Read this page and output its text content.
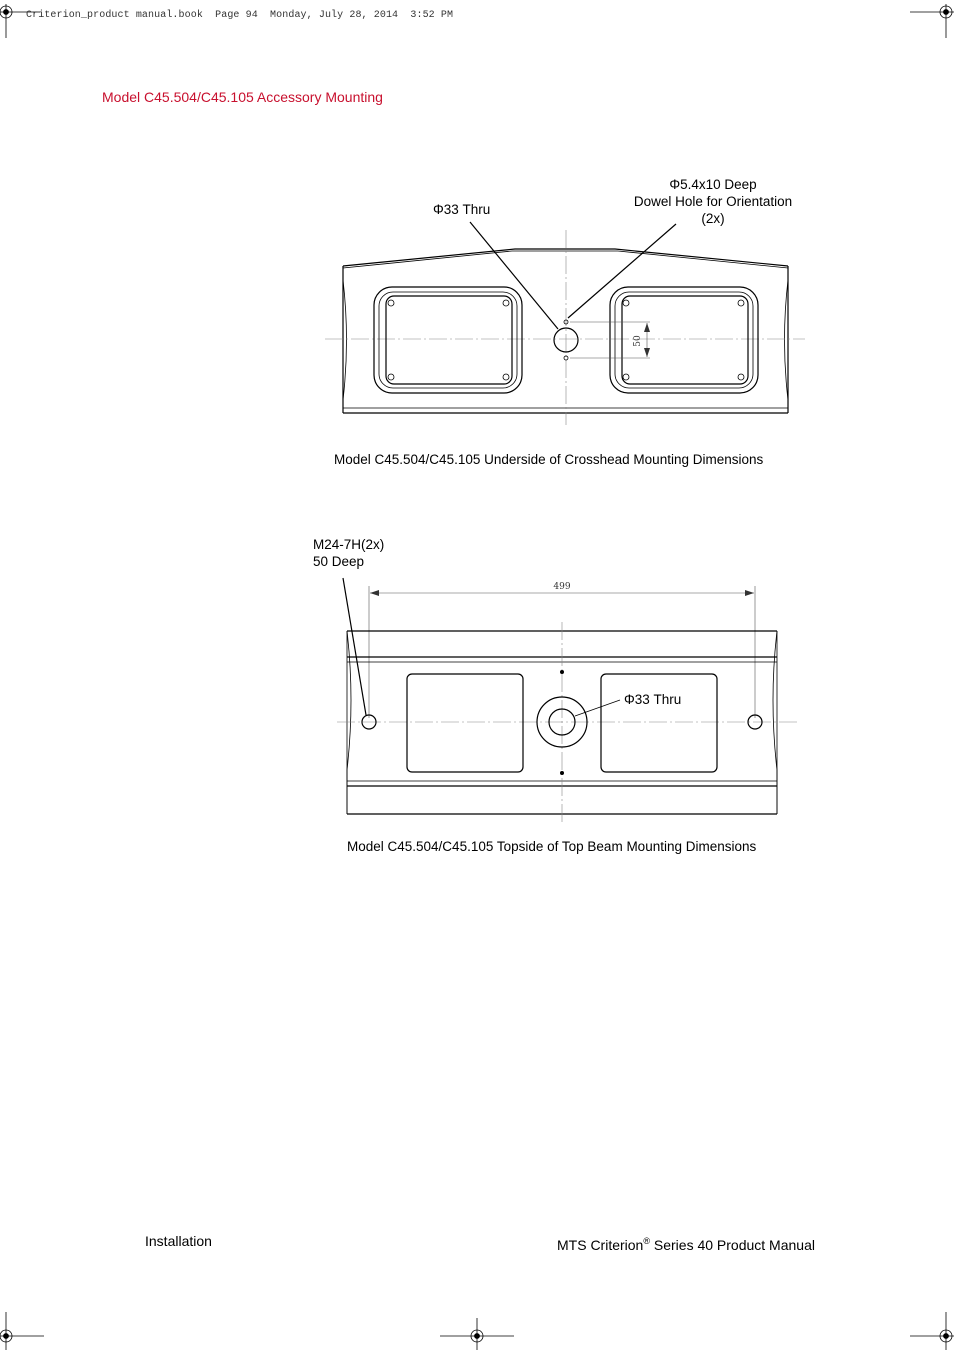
50
499
Criterion_product manual.book  Page 94  Monday, July 28, 2014  3:52 PM
Model C45.504/C45.105 Accessory Mounting
Φ33 Thru
Φ5.4x10 Deep
Dowel Hole for Orientation
(2x)
Model C45.504/C45.105 Underside of Crosshead Mounting Dimensions
M24-7H(2x)
50 Deep
Φ33 Thru
Model C45.504/C45.105 Topside of Top Beam Mounting Dimensions
Installation	MTS Criterion® Series 40 Product Manual
